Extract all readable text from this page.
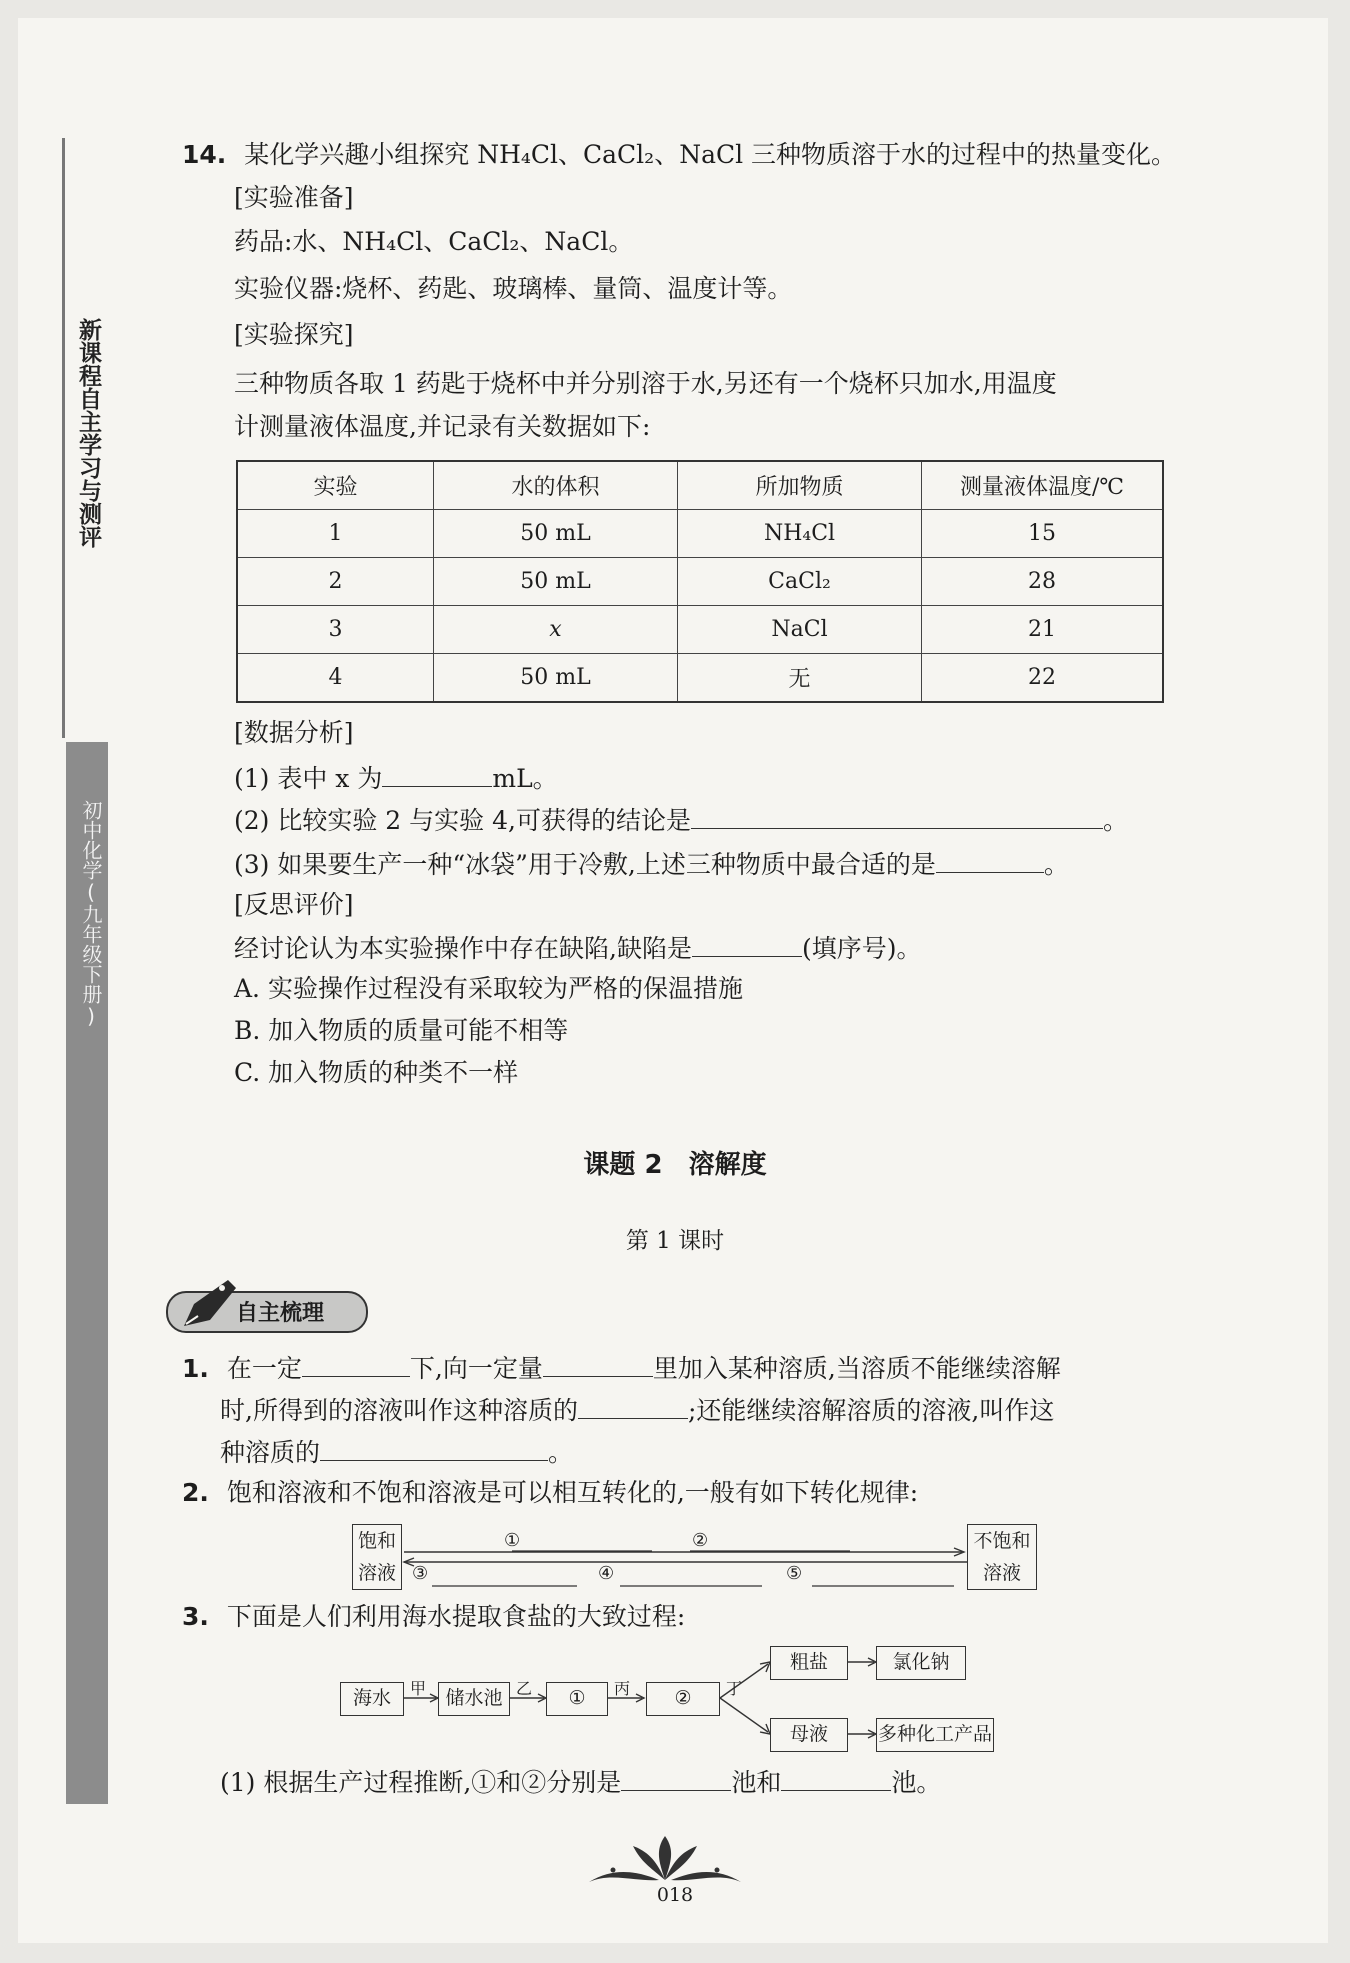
新课程自主学习与测评
初中化学(九年级下册)
14. 某化学兴趣小组探究 NH₄Cl、CaCl₂、NaCl 三种物质溶于水的过程中的热量变化。
[实验准备]
药品:水、NH₄Cl、CaCl₂、NaCl。
实验仪器:烧杯、药匙、玻璃棒、量筒、温度计等。
[实验探究]
三种物质各取 1 药匙于烧杯中并分别溶于水,另还有一个烧杯只加水,用温度
计测量液体温度,并记录有关数据如下:
实验	水的体积	所加物质	测量液体温度/℃
1	50 mL	NH₄Cl	15
2	50 mL	CaCl₂	28
3	x	NaCl	21
4	50 mL	无	22
[数据分析]
(1) 表中 x 为	mL。
(2) 比较实验 2 与实验 4,可获得的结论是	。
(3) 如果要生产一种“冰袋”用于冷敷,上述三种物质中最合适的是	。
[反思评价]
经讨论认为本实验操作中存在缺陷,缺陷是	(填序号)。
A. 实验操作过程没有采取较为严格的保温措施
B. 加入物质的质量可能不相等
C. 加入物质的种类不一样
课题 2　溶解度
第 1 课时
自主梳理
1. 在一定	下,向一定量	里加入某种溶质,当溶质不能继续溶解
时,所得到的溶液叫作这种溶质的	;还能继续溶解溶质的溶液,叫作这
种溶质的	。
2. 饱和溶液和不饱和溶液是可以相互转化的,一般有如下转化规律:
饱和
溶液
不饱和
溶液
①	②
③	④	⑤
3. 下面是人们利用海水提取食盐的大致过程:
海水	储水池	①	②
粗盐	氯化钠
母液	多种化工产品
甲	乙	丙	丁
(1) 根据生产过程推断,①和②分别是	池和	池。
018
